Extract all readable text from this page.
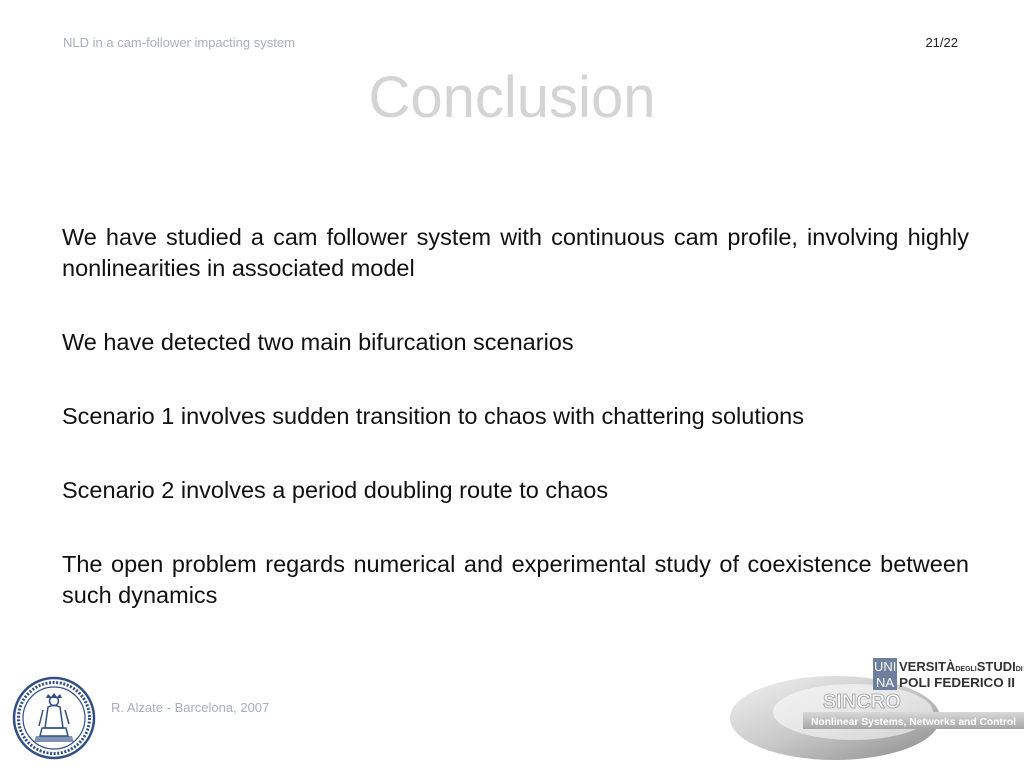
NLD in a cam-follower impacting system	21/22
Conclusion

We have studied a cam follower system with continuous cam profile, involving highly nonlinearities in associated model

We have detected two main bifurcation scenarios

Scenario 1 involves sudden transition to chaos with chattering solutions

Scenario 2 involves a period doubling route to chaos

The open problem regards numerical and experimental study of coexistence between such dynamics

R. Alzate - Barcelona, 2007
UNI
NA
VERSITÀDEGLISTUDIDI
POLI FEDERICO II
SINCRO
Nonlinear Systems, Networks and Control
